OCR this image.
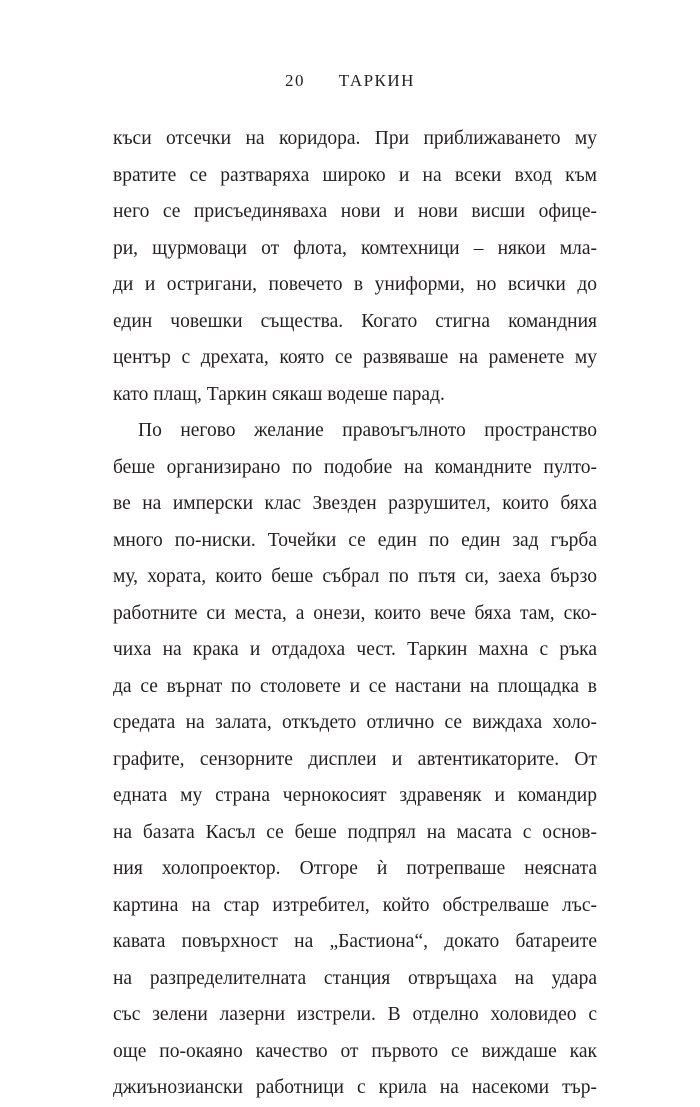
20 ТАРКИН
къси отсечки на коридора. При приближаването му
вратите се разтваряха широко и на всеки вход към
него се присъединяваха нови и нови висши офице-
ри, щурмоваци от флота, комтехници – някои мла-
ди и остригани, повечето в униформи, но всички до
един човешки същества. Когато стигна командния
център с дрехата, която се развяваше на раменете му
като плащ, Таркин сякаш водеше парад.
По негово желание правоъгълното пространство
беше организирано по подобие на командните пулто-
ве на имперски клас Звезден разрушител, които бяха
много по-ниски. Точейки се един по един зад гърба
му, хората, които беше събрал по пътя си, заеха бързо
работните си места, а онези, които вече бяха там, ско-
чиха на крака и отдадоха чест. Таркин махна с ръка
да се върнат по столовете и се настани на площадка в
средата на залата, откъдето отлично се виждаха холо-
графите, сензорните дисплеи и автентикаторите. От
едната му страна чернокосият здравеняк и командир
на базата Касъл се беше подпрял на масата с основ-
ния холопроектор. Отгоре ѝ потрепваше неясната
картина на стар изтребител, който обстрелваше лъс-
кавата повърхност на „Бастиона“, докато батареите
на разпределителната станция отвръщаха на удара
със зелени лазерни изстрели. В отделно холовидео с
още по-окаяно качество от първото се виждаше как
джиънозиански работници с крила на насекоми тър-
